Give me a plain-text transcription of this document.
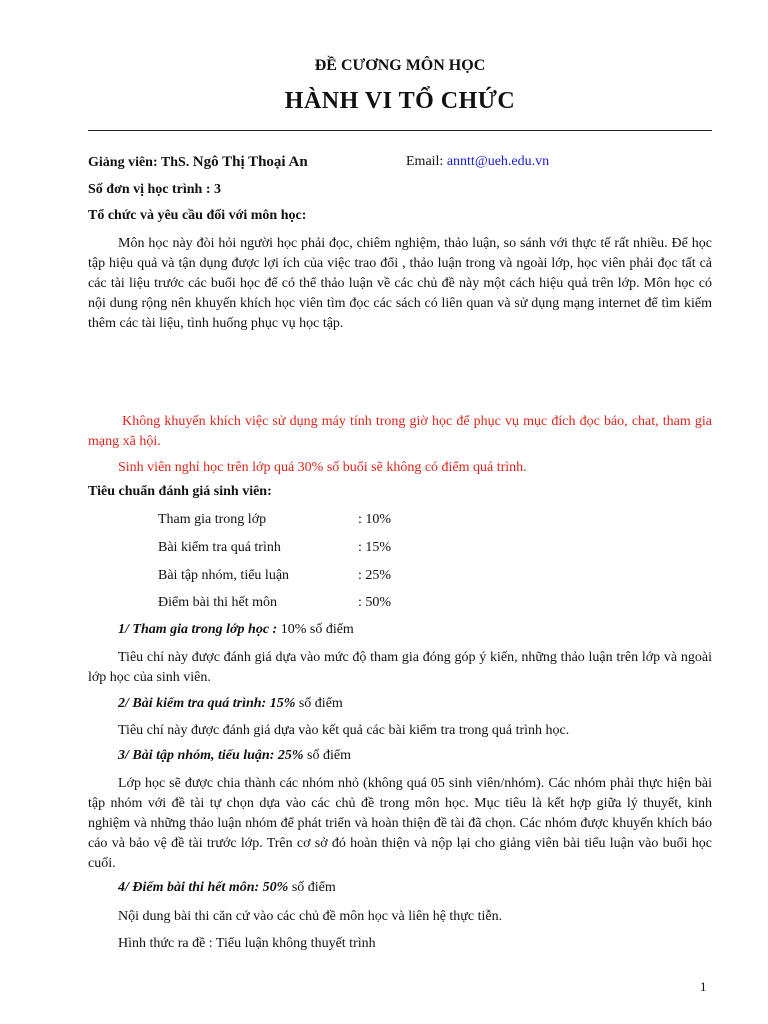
ĐỀ CƯƠNG MÔN HỌC
HÀNH VI TỔ CHỨC
Giảng viên: ThS. Ngô Thị Thoại An	Email: anntt@ueh.edu.vn
Số đơn vị học trình : 3
Tổ chức và yêu cầu đối với môn học:
Môn học này đòi hỏi người học phải đọc, chiêm nghiệm, thảo luận, so sánh với thực tế rất nhiều. Để học tập hiệu quả và tận dụng được lợi ích của việc trao đổi , thảo luận trong và ngoài lớp, học viên phải đọc tất cả các tài liệu trước các buổi học để có thể thảo luận về các chủ đề này một cách hiệu quả trên lớp. Môn học có nội dung rộng nên khuyến khích học viên tìm đọc các sách có liên quan và sử dụng mạng internet để tìm kiếm thêm các tài liệu, tình huống phục vụ học tập.
Không khuyến khích việc sử dụng máy tính trong giờ học để phục vụ mục đích đọc báo, chat, tham gia mạng xã hội.
Sinh viên nghỉ học trên lớp quá 30% số buổi sẽ không có điểm quá trình.
Tiêu chuẩn đánh giá sinh viên:
Tham gia trong lớp	: 10%
Bài kiểm tra quá trình	: 15%
Bài tập nhóm, tiểu luận	: 25%
Điểm bài thi hết môn	: 50%
1/ Tham gia trong lớp học : 10% số điểm
Tiêu chí này được đánh giá dựa vào mức độ tham gia đóng góp ý kiến, những thảo luận trên lớp và ngoài lớp học của sinh viên.
2/ Bài kiểm tra quá trình: 15% số điểm
Tiêu chí này được đánh giá dựa vào kết quả các bài kiểm tra trong quá trình học.
3/ Bài tập nhóm, tiểu luận: 25% số điểm
Lớp học sẽ được chia thành các nhóm nhỏ (không quá 05 sinh viên/nhóm). Các nhóm phải thực hiện bài tập nhóm với đề tài tự chọn dựa vào các chủ đề trong môn học. Mục tiêu là kết hợp giữa lý thuyết, kinh nghiệm và những thảo luận nhóm để phát triển và hoàn thiện đề tài đã chọn. Các nhóm được khuyến khích báo cáo và bảo vệ đề tài trước lớp. Trên cơ sở đó hoàn thiện và nộp lại cho giảng viên bài tiểu luận vào buổi học cuối.
4/ Điểm bài thi hết môn: 50% số điểm
Nội dung bài thi căn cứ vào các chủ đề môn học và liên hệ thực tiễn.
Hình thức ra đề : Tiểu luận không thuyết trình
1
